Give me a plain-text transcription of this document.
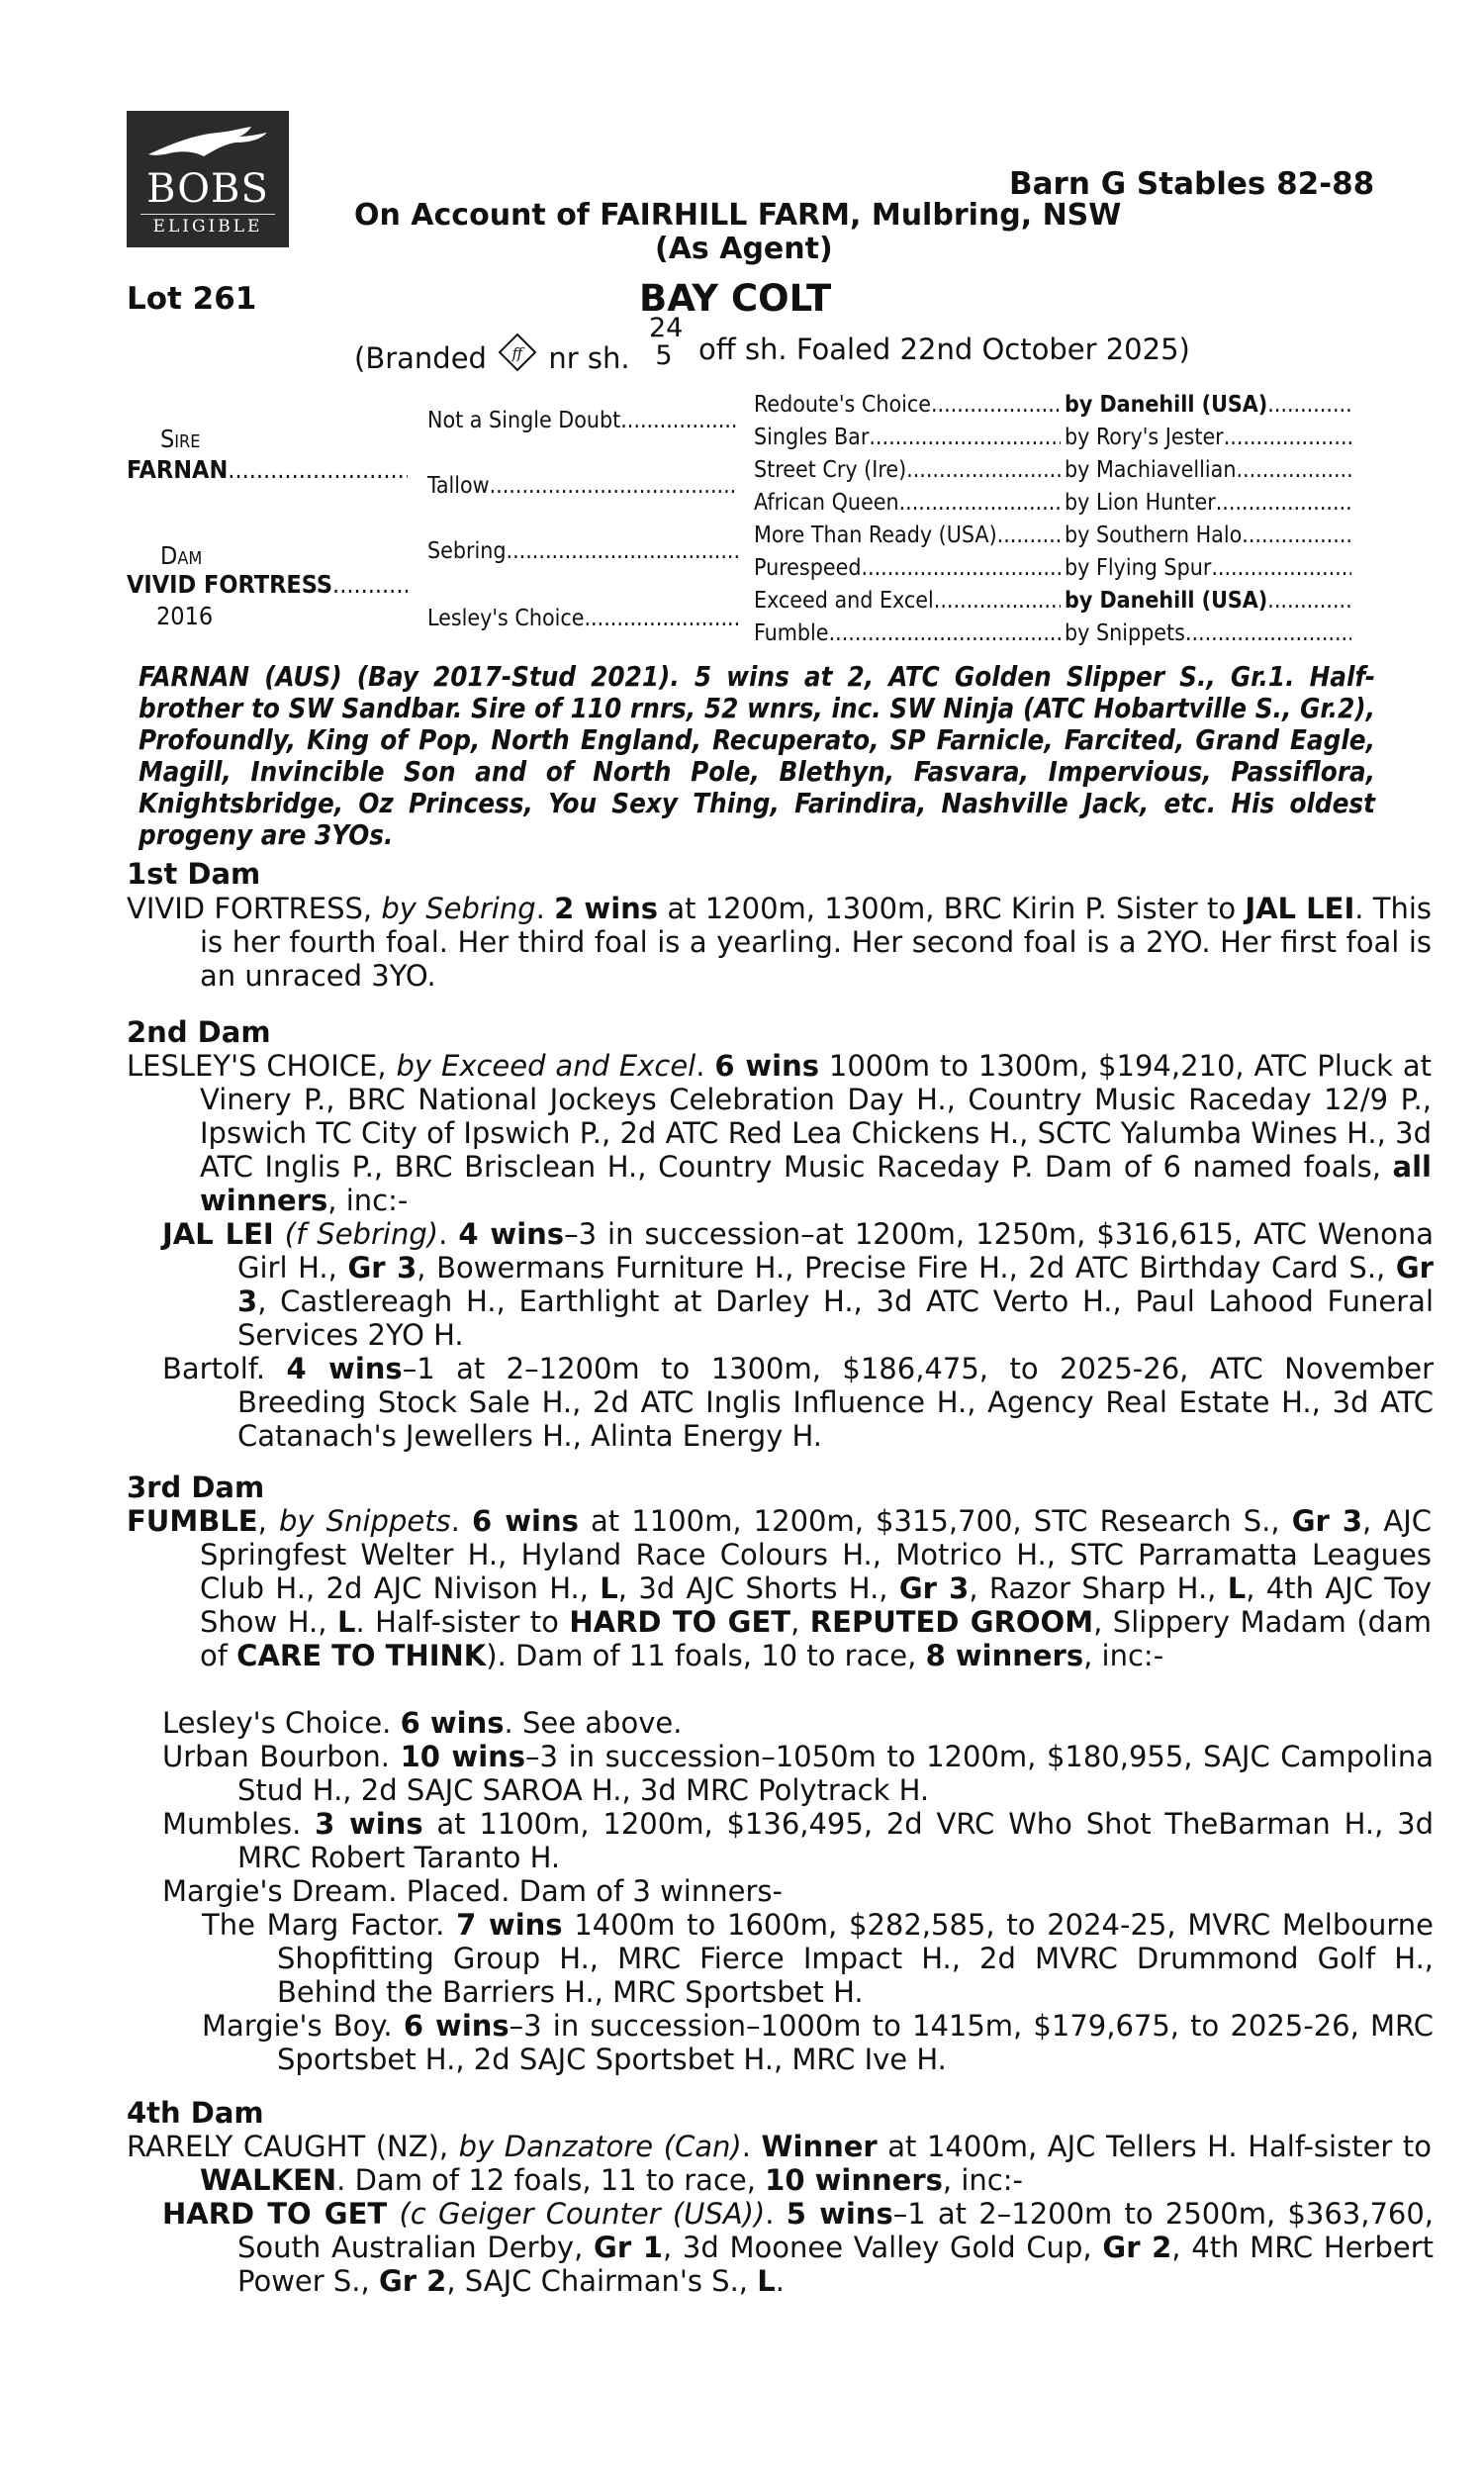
BOBS
ELIGIBLE
Barn G Stables 82-88
On Account of FAIRHILL FARM, Mulbring, NSW
(As Agent)
Lot 261	BAY COLT
(Branded ff nr sh.
24
5 off sh. Foaled 22nd October 2025)
Sire
FARNAN
.....
Dam
VIVID FORTRESS
.....
2016
Not a Single Doubt
.....
Tallow
.....
Sebring
.....
Lesley's Choice
.....
Redoute's Choice
.....
Singles Bar
.....
Street Cry (Ire)
.....
African Queen
.....
More Than Ready (USA)
.....
Purespeed
.....
Exceed and Excel
.....
Fumble
.....
by Danehill (USA)
.....
by Rory's Jester
.....
by Machiavellian
.....
by Lion Hunter
.....
by Southern Halo
.....
by Flying Spur
.....
by Danehill (USA)
.....
by Snippets
.....
FARNAN (AUS) (Bay 2017-Stud 2021). 5 wins at 2, ATC Golden Slipper S., Gr.1. Half-brother to SW Sandbar. Sire of 110 rnrs, 52 wnrs, inc. SW Ninja (ATC Hobartville S., Gr.2), Profoundly, King of Pop, North England, Recuperato, SP Farnicle, Farcited, Grand Eagle, Magill, Invincible Son and of North Pole, Blethyn, Fasvara, Impervious, Passiflora, Knightsbridge, Oz Princess, You Sexy Thing, Farindira, Nashville Jack, etc. His oldest progeny are 3YOs.
1st Dam
VIVID FORTRESS, by Sebring. 2 wins at 1200m, 1300m, BRC Kirin P. Sister to JAL LEI. This is her fourth foal. Her third foal is a yearling. Her second foal is a 2YO. Her first foal is an unraced 3YO.
2nd Dam
LESLEY'S CHOICE, by Exceed and Excel. 6 wins 1000m to 1300m, $194,210, ATC Pluck at Vinery P., BRC National Jockeys Celebration Day H., Country Music Raceday 12/9 P., Ipswich TC City of Ipswich P., 2d ATC Red Lea Chickens H., SCTC Yalumba Wines H., 3d ATC Inglis P., BRC Brisclean H., Country Music Raceday P. Dam of 6 named foals, all winners, inc:-
JAL LEI (f Sebring). 4 wins–3 in succession–at 1200m, 1250m, $316,615, ATC Wenona Girl H., Gr 3, Bowermans Furniture H., Precise Fire H., 2d ATC Birthday Card S., Gr 3, Castlereagh H., Earthlight at Darley H., 3d ATC Verto H., Paul Lahood Funeral Services 2YO H.
Bartolf. 4 wins–1 at 2–1200m to 1300m, $186,475, to 2025-26, ATC November Breeding Stock Sale H., 2d ATC Inglis Influence H., Agency Real Estate H., 3d ATC Catanach's Jewellers H., Alinta Energy H.
3rd Dam
FUMBLE, by Snippets. 6 wins at 1100m, 1200m, $315,700, STC Research S., Gr 3, AJC Springfest Welter H., Hyland Race Colours H., Motrico H., STC Parramatta Leagues Club H., 2d AJC Nivison H., L, 3d AJC Shorts H., Gr 3, Razor Sharp H., L, 4th AJC Toy Show H., L. Half-sister to HARD TO GET, REPUTED GROOM, Slippery Madam (dam of CARE TO THINK). Dam of 11 foals, 10 to race, 8 winners, inc:-
Lesley's Choice. 6 wins. See above.
Urban Bourbon. 10 wins–3 in succession–1050m to 1200m, $180,955, SAJC Campolina Stud H., 2d SAJC SAROA H., 3d MRC Polytrack H.
Mumbles. 3 wins at 1100m, 1200m, $136,495, 2d VRC Who Shot TheBarman H., 3d MRC Robert Taranto H.
Margie's Dream. Placed. Dam of 3 winners-
The Marg Factor. 7 wins 1400m to 1600m, $282,585, to 2024-25, MVRC Melbourne Shopfitting Group H., MRC Fierce Impact H., 2d MVRC Drummond Golf H., Behind the Barriers H., MRC Sportsbet H.
Margie's Boy. 6 wins–3 in succession–1000m to 1415m, $179,675, to 2025-26, MRC Sportsbet H., 2d SAJC Sportsbet H., MRC Ive H.
4th Dam
RARELY CAUGHT (NZ), by Danzatore (Can). Winner at 1400m, AJC Tellers H. Half-sister to WALKEN. Dam of 12 foals, 11 to race, 10 winners, inc:-
HARD TO GET (c Geiger Counter (USA)). 5 wins–1 at 2–1200m to 2500m, $363,760, South Australian Derby, Gr 1, 3d Moonee Valley Gold Cup, Gr 2, 4th MRC Herbert Power S., Gr 2, SAJC Chairman's S., L.
